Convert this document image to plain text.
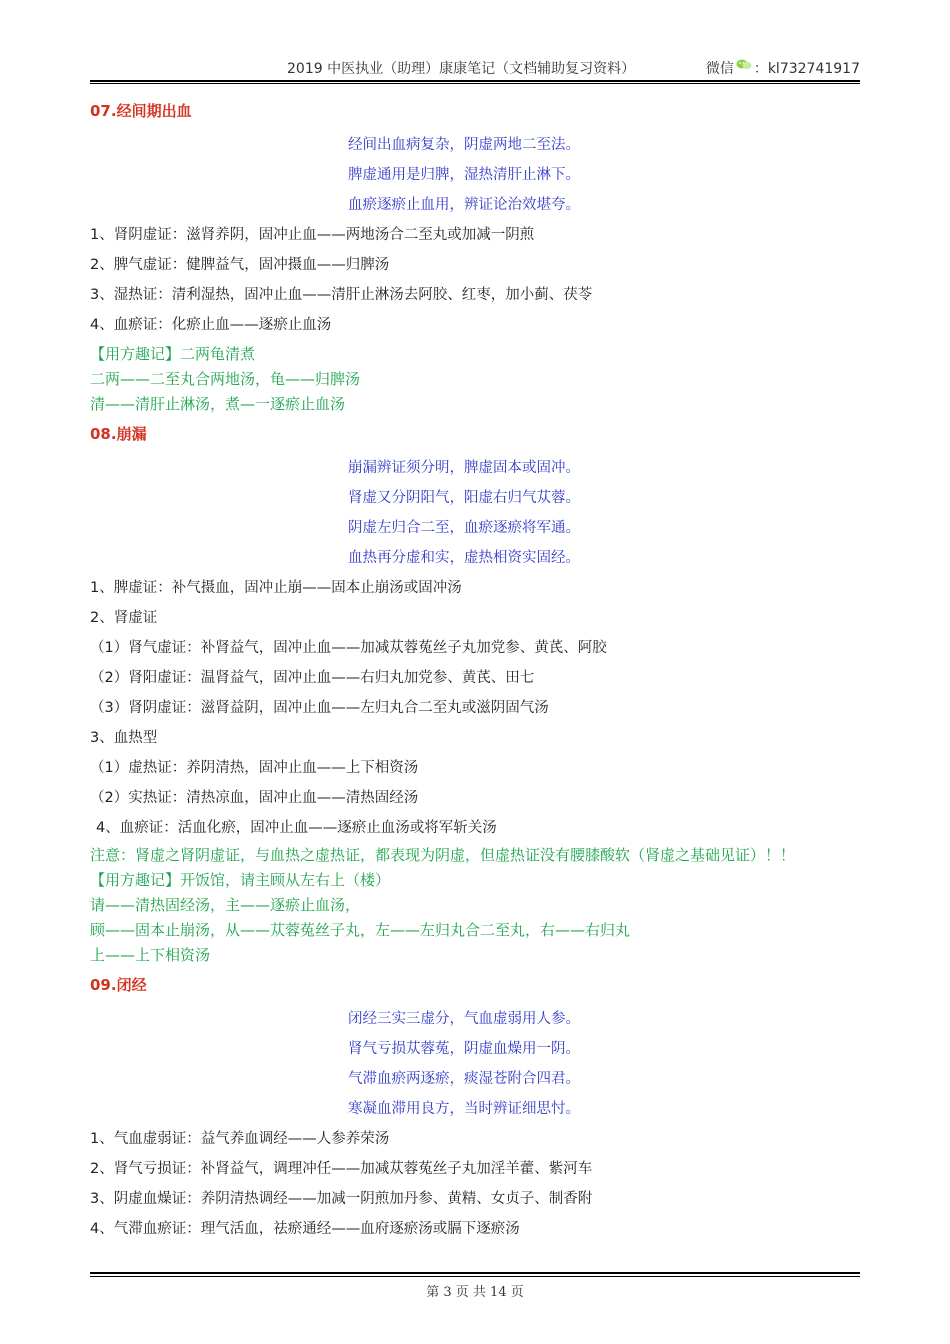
2019 中医执业（助理）康康笔记（文档辅助复习资料）	微信 ：kl732741917
07.经间期出血
经间出血病复杂，阴虚两地二至法。
脾虚通用是归脾，湿热清肝止淋下。
血瘀逐瘀止血用，辨证论治效堪夸。
1、肾阴虚证：滋肾养阴，固冲止血——两地汤合二至丸或加减一阴煎
2、脾气虚证：健脾益气，固冲摄血——归脾汤
3、湿热证：清利湿热，固冲止血——清肝止淋汤去阿胶、红枣，加小蓟、茯苓
4、血瘀证：化瘀止血——逐瘀止血汤
【用方趣记】二两龟清煮
二两——二至丸合两地汤，龟——归脾汤
清——清肝止淋汤，煮—一逐瘀止血汤
08.崩漏
崩漏辨证须分明，脾虚固本或固冲。
肾虚又分阴阳气，阳虚右归气苁蓉。
阴虚左归合二至，血瘀逐瘀将军通。
血热再分虚和实，虚热相资实固经。
1、脾虚证：补气摄血，固冲止崩——固本止崩汤或固冲汤
2、肾虚证
（1）肾气虚证：补肾益气，固冲止血——加减苁蓉菟丝子丸加党参、黄芪、阿胶
（2）肾阳虚证：温肾益气，固冲止血——右归丸加党参、黄芪、田七
（3）肾阴虚证：滋肾益阴，固冲止血——左归丸合二至丸或滋阴固气汤
3、血热型
（1）虚热证：养阴清热，固冲止血——上下相资汤
（2）实热证：清热凉血，固冲止血——清热固经汤
4、血瘀证：活血化瘀，固冲止血——逐瘀止血汤或将军斩关汤
注意：肾虚之肾阴虚证，与血热之虚热证，都表现为阴虚，但虚热证没有腰膝酸软（肾虚之基础见证）！！
【用方趣记】开饭馆，请主顾从左右上（楼）
请——清热固经汤，主——逐瘀止血汤，
顾——固本止崩汤，从——苁蓉菟丝子丸，左——左归丸合二至丸，右——右归丸
上——上下相资汤
09.闭经
闭经三实三虚分，气血虚弱用人参。
肾气亏损苁蓉菟，阴虚血燥用一阴。
气滞血瘀两逐瘀，痰湿苍附合四君。
寒凝血滞用良方，当时辨证细思忖。
1、气血虚弱证：益气养血调经——人参养荣汤
2、肾气亏损证：补肾益气，调理冲任——加减苁蓉菟丝子丸加淫羊藿、紫河车
3、阴虚血燥证：养阴清热调经——加减一阴煎加丹参、黄精、女贞子、制香附
4、气滞血瘀证：理气活血，祛瘀通经——血府逐瘀汤或膈下逐瘀汤
第 3 页 共 14 页
